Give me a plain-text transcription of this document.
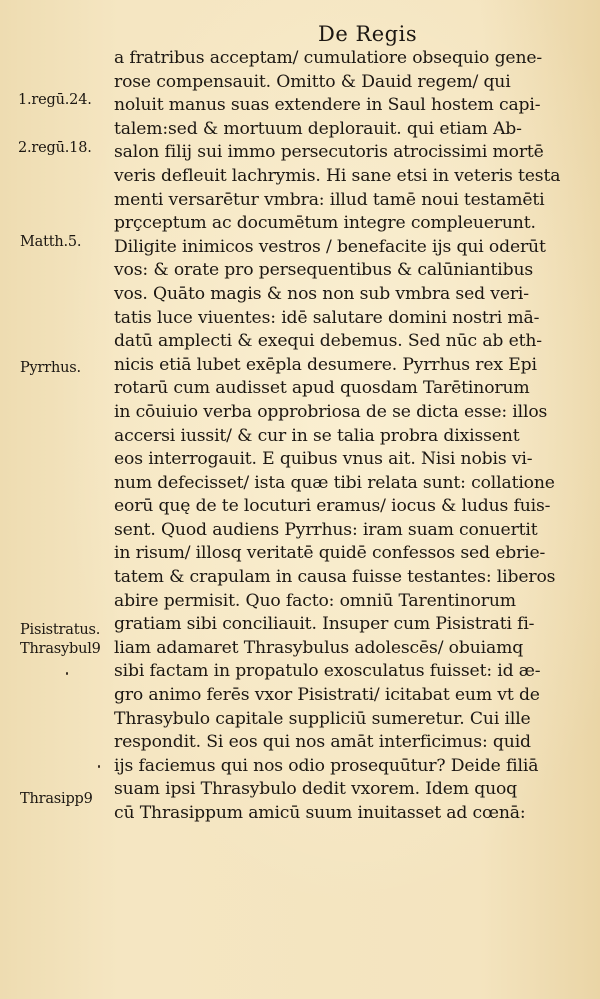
De Regis
1.regū.24.
2.regū.18.
Matth.5.
Pyrrhus.
Pisistratus.
Thrasybul9
Thrasipp9
a fratribus acceptam/ cumulatiore obsequio gene-
rose compensauit. Omitto & Dauid regem/ qui
noluit manus suas extendere in Saul hostem capi-
talem:sed & mortuum deplorauit. qui etiam Ab-
salon filij sui immo persecutoris atrocissimi mortē
veris defleuit lachrymis. Hi sane etsi in veteris testa
menti versarētur vmbra: illud tamē noui testamēti
prçceptum ac documētum integre compleuerunt.
Diligite inimicos vestros / benefacite ijs qui oderūt
vos: & orate pro persequentibus & calūniantibus
vos. Quāto magis & nos non sub vmbra sed veri-
tatis luce viuentes: idē salutare domini nostri mā-
datū amplecti & exequi debemus. Sed nūc ab eth-
nicis etiā lubet exēpla desumere. Pyrrhus rex Epi
rotarū cum audisset apud quosdam Tarētinorum
in cōuiuio verba opprobriosa de se dicta esse: illos
accersi iussit/ & cur in se talia probra dixissent
eos interrogauit. E quibus vnus ait. Nisi nobis vi-
num defecisset/ ista quæ tibi relata sunt: collatione
eorū quę de te locuturi eramus/ iocus & ludus fuis-
sent. Quod audiens Pyrrhus: iram suam conuertit
in risum/ illosq veritatē quidē confessos sed ebrie-
tatem & crapulam in causa fuisse testantes: liberos
abire permisit. Quo facto: omniū Tarentinorum
gratiam sibi conciliauit. Insuper cum Pisistrati fi-
liam adamaret Thrasybulus adolescēs/ obuiamq
sibi factam in propatulo exosculatus fuisset: id æ-
gro animo ferēs vxor Pisistrati/ icitabat eum vt de
Thrasybulo capitale suppliciū sumeretur. Cui ille
respondit. Si eos qui nos amāt interficimus: quid
ijs faciemus qui nos odio prosequūtur? Deide filiā
suam ipsi Thrasybulo dedit vxorem. Idem quoq
cū Thrasippum amicū suum inuitasset ad cœnā:
